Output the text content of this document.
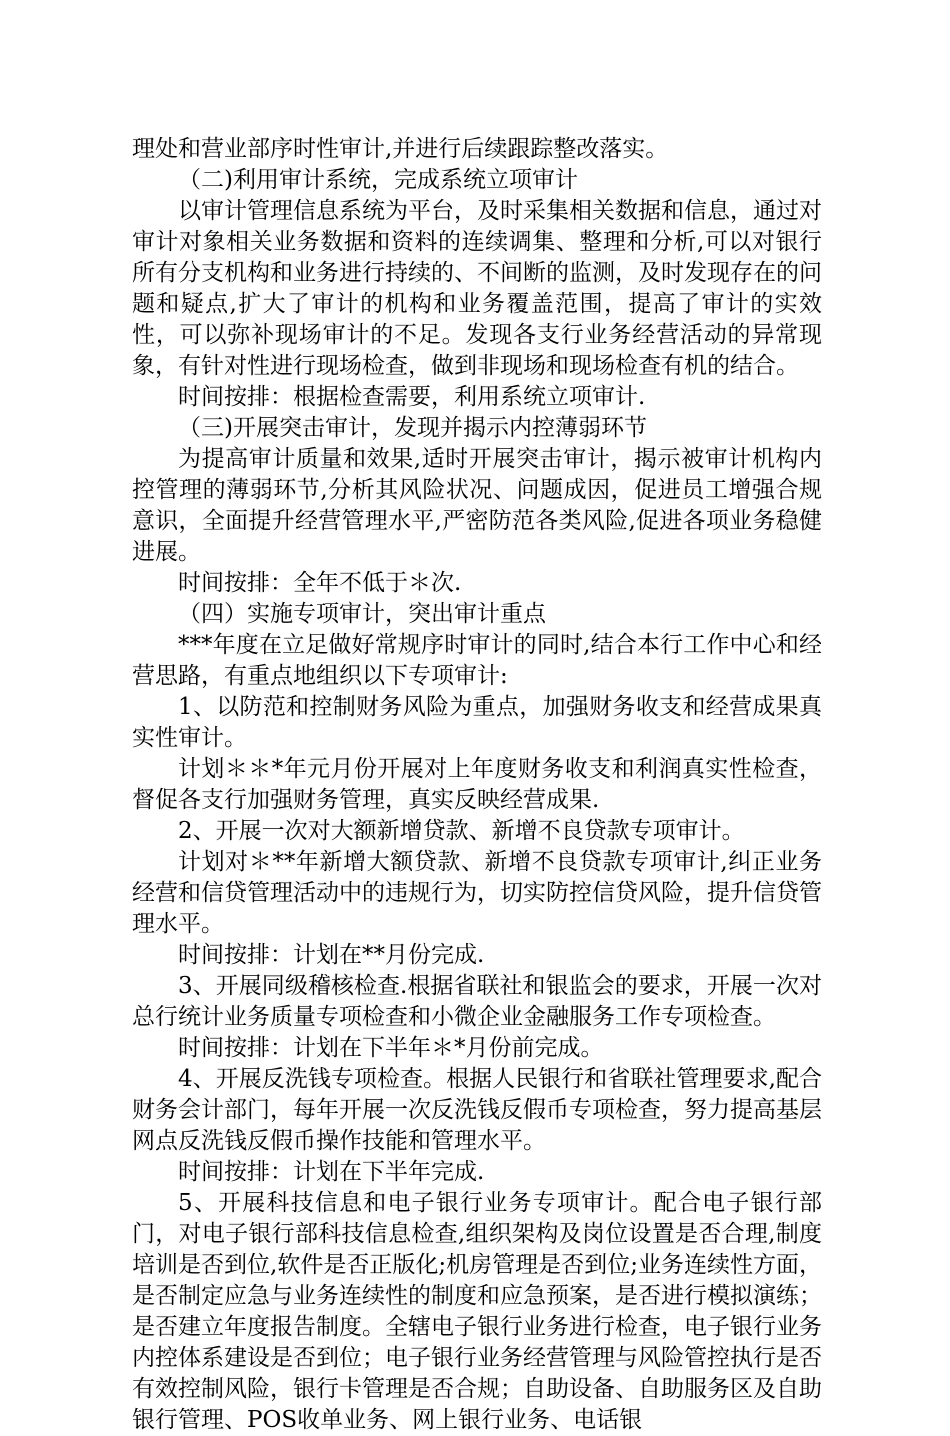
理处和营业部序时性审计,并进行后续跟踪整改落实。

（二)利用审计系统，完成系统立项审计

以审计管理信息系统为平台，及时采集相关数据和信息，通过对审计对象相关业务数据和资料的连续调集、整理和分析,可以对银行所有分支机构和业务进行持续的、不间断的监测，及时发现存在的问题和疑点,扩大了审计的机构和业务覆盖范围，提高了审计的实效性，可以弥补现场审计的不足。发现各支行业务经营活动的异常现象，有针对性进行现场检查，做到非现场和现场检查有机的结合。

时间按排：根据检查需要，利用系统立项审计.

（三)开展突击审计，发现并揭示内控薄弱环节

为提高审计质量和效果,适时开展突击审计，揭示被审计机构内控管理的薄弱环节,分析其风险状况、问题成因，促进员工增强合规意识，全面提升经营管理水平,严密防范各类风险,促进各项业务稳健进展。

时间按排：全年不低于＊次.

（四）实施专项审计，突出审计重点

***年度在立足做好常规序时审计的同时,结合本行工作中心和经营思路，有重点地组织以下专项审计:

1、以防范和控制财务风险为重点，加强财务收支和经营成果真实性审计。

计划＊＊*年元月份开展对上年度财务收支和利润真实性检查，督促各支行加强财务管理，真实反映经营成果.

2、开展一次对大额新增贷款、新增不良贷款专项审计。

计划对＊**年新增大额贷款、新增不良贷款专项审计,纠正业务经营和信贷管理活动中的违规行为，切实防控信贷风险，提升信贷管理水平。

时间按排：计划在**月份完成.

3、开展同级稽核检查.根据省联社和银监会的要求，开展一次对总行统计业务质量专项检查和小微企业金融服务工作专项检查。

时间按排：计划在下半年＊*月份前完成。

4、开展反洗钱专项检查。根据人民银行和省联社管理要求,配合财务会计部门，每年开展一次反洗钱反假币专项检查，努力提高基层网点反洗钱反假币操作技能和管理水平。

时间按排：计划在下半年完成.

5、开展科技信息和电子银行业务专项审计。配合电子银行部门，对电子银行部科技信息检查,组织架构及岗位设置是否合理,制度培训是否到位,软件是否正版化;机房管理是否到位;业务连续性方面，是否制定应急与业务连续性的制度和应急预案，是否进行模拟演练；是否建立年度报告制度。全辖电子银行业务进行检查，电子银行业务内控体系建设是否到位；电子银行业务经营管理与风险管控执行是否有效控制风险，银行卡管理是否合规；自助设备、自助服务区及自助银行管理、POS收单业务、网上银行业务、电话银
